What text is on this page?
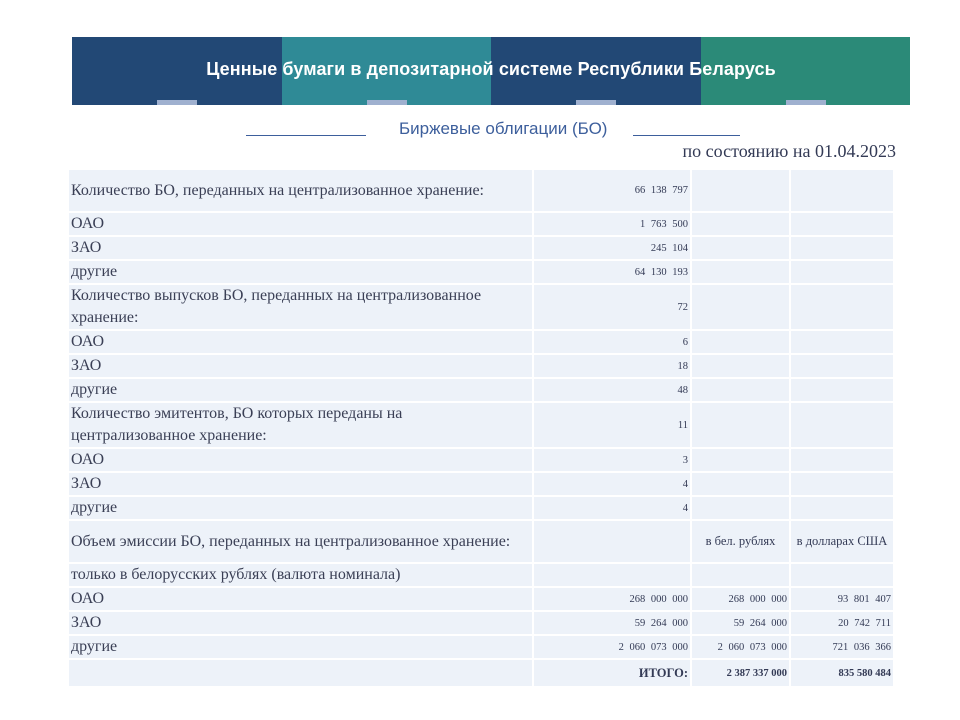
Ценные бумаги в депозитарной системе Республики Беларусь
Биржевые облигации (БО)
по состоянию на 01.04.2023
Количество БО, переданных на централизованное хранение:	66 138 797		
ОАО	1 763 500		
ЗАО	245 104		
другие	64 130 193		
Количество выпусков БО, переданных на централизованное хранение:	72		
ОАО	6		
ЗАО	18		
другие	48		
Количество эмитентов, БО которых переданы на централизованное хранение:	11		
ОАО	3		
ЗАО	4		
другие	4		
Объем эмиссии БО, переданных на централизованное хранение:		в бел. рублях	в долларах США
только в белорусских рублях (валюта номинала)			
ОАО	268 000 000	268 000 000	93 801 407
ЗАО	59 264 000	59 264 000	20 742 711
другие	2 060 073 000	2 060 073 000	721 036 366
	ИТОГО:	2 387 337 000	835 580 484
